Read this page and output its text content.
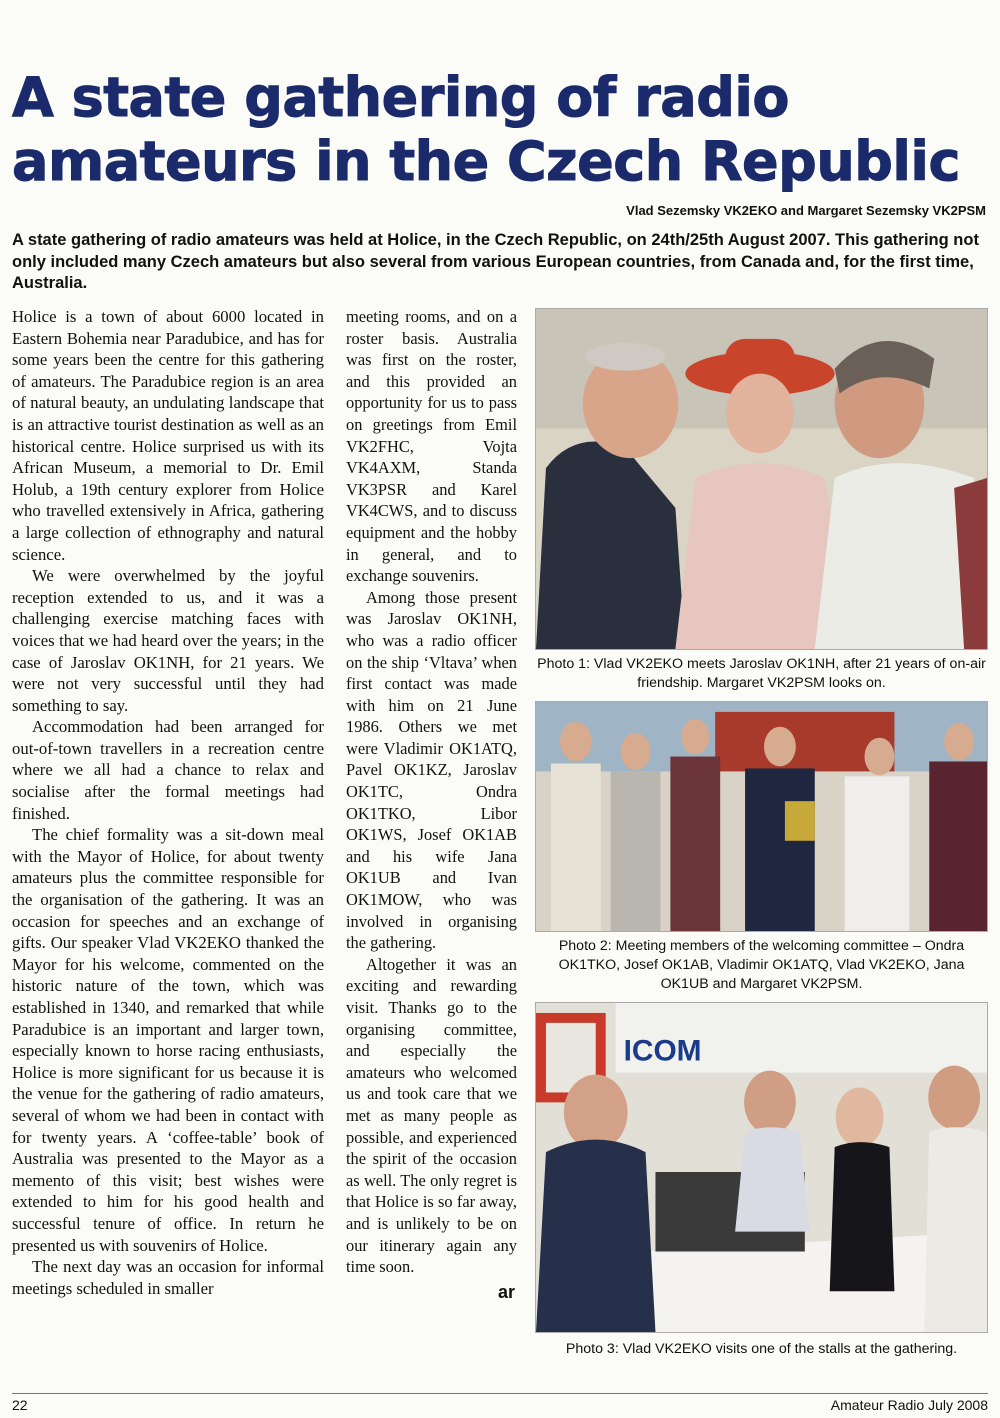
A state gathering of radio amateurs in the Czech Republic
Vlad Sezemsky VK2EKO and Margaret Sezemsky VK2PSM
A state gathering of radio amateurs was held at Holice, in the Czech Republic, on 24th/25th August 2007. This gathering not only included many Czech amateurs but also several from various European countries, from Canada and, for the first time, Australia.

Holice is a town of about 6000 located in Eastern Bohemia near Paradubice, and has for some years been the centre for this gathering of amateurs. The Paradubice region is an area of natural beauty, an undulating landscape that is an attractive tourist destination as well as an historical centre. Holice surprised us with its African Museum, a memorial to Dr. Emil Holub, a 19th century explorer from Holice who travelled extensively in Africa, gathering a large collection of ethnography and natural science.

We were overwhelmed by the joyful reception extended to us, and it was a challenging exercise matching faces with voices that we had heard over the years; in the case of Jaroslav OK1NH, for 21 years. We were not very successful until they had something to say.

Accommodation had been arranged for out-of-town travellers in a recreation centre where we all had a chance to relax and socialise after the formal meetings had finished.

The chief formality was a sit-down meal with the Mayor of Holice, for about twenty amateurs plus the committee responsible for the organisation of the gathering. It was an occasion for speeches and an exchange of gifts. Our speaker Vlad VK2EKO thanked the Mayor for his welcome, commented on the historic nature of the town, which was established in 1340, and remarked that while Paradubice is an important and larger town, especially known to horse racing enthusiasts, Holice is more significant for us because it is the venue for the gathering of radio amateurs, several of whom we had been in contact with for twenty years. A ‘coffee-table’ book of Australia was presented to the Mayor as a memento of this visit; best wishes were extended to him for his good health and successful tenure of office. In return he presented us with souvenirs of Holice.

The next day was an occasion for informal meetings scheduled in smaller

meeting rooms, and on a roster basis. Australia was first on the roster, and this provided an opportunity for us to pass on greetings from Emil VK2FHC, Vojta VK4AXM, Standa VK3PSR and Karel VK4CWS, and to discuss equipment and the hobby in general, and to exchange souvenirs.

Among those present was Jaroslav OK1NH, who was a radio officer on the ship ‘Vltava’ when first contact was made with him on 21 June 1986. Others we met were Vladimir OK1ATQ, Pavel OK1KZ, Jaroslav OK1TC, Ondra OK1TKO, Libor OK1WS, Josef OK1AB and his wife Jana OK1UB and Ivan OK1MOW, who was involved in organising the gathering.

Altogether it was an exciting and rewarding visit. Thanks go to the organising committee, and especially the amateurs who welcomed us and took care that we met as many people as possible, and experienced the spirit of the occasion as well. The only regret is that Holice is so far away, and is unlikely to be on our itinerary again any time soon.

ar
Photo 1: Vlad VK2EKO meets Jaroslav OK1NH, after 21 years of on-air friendship. Margaret VK2PSM looks on.
Photo 2: Meeting members of the welcoming committee – Ondra OK1TKO, Josef OK1AB, Vladimir OK1ATQ, Vlad VK2EKO, Jana OK1UB and Margaret VK2PSM.
ICOM
Photo 3: Vlad VK2EKO visits one of the stalls at the gathering.
22	Amateur Radio July 2008
